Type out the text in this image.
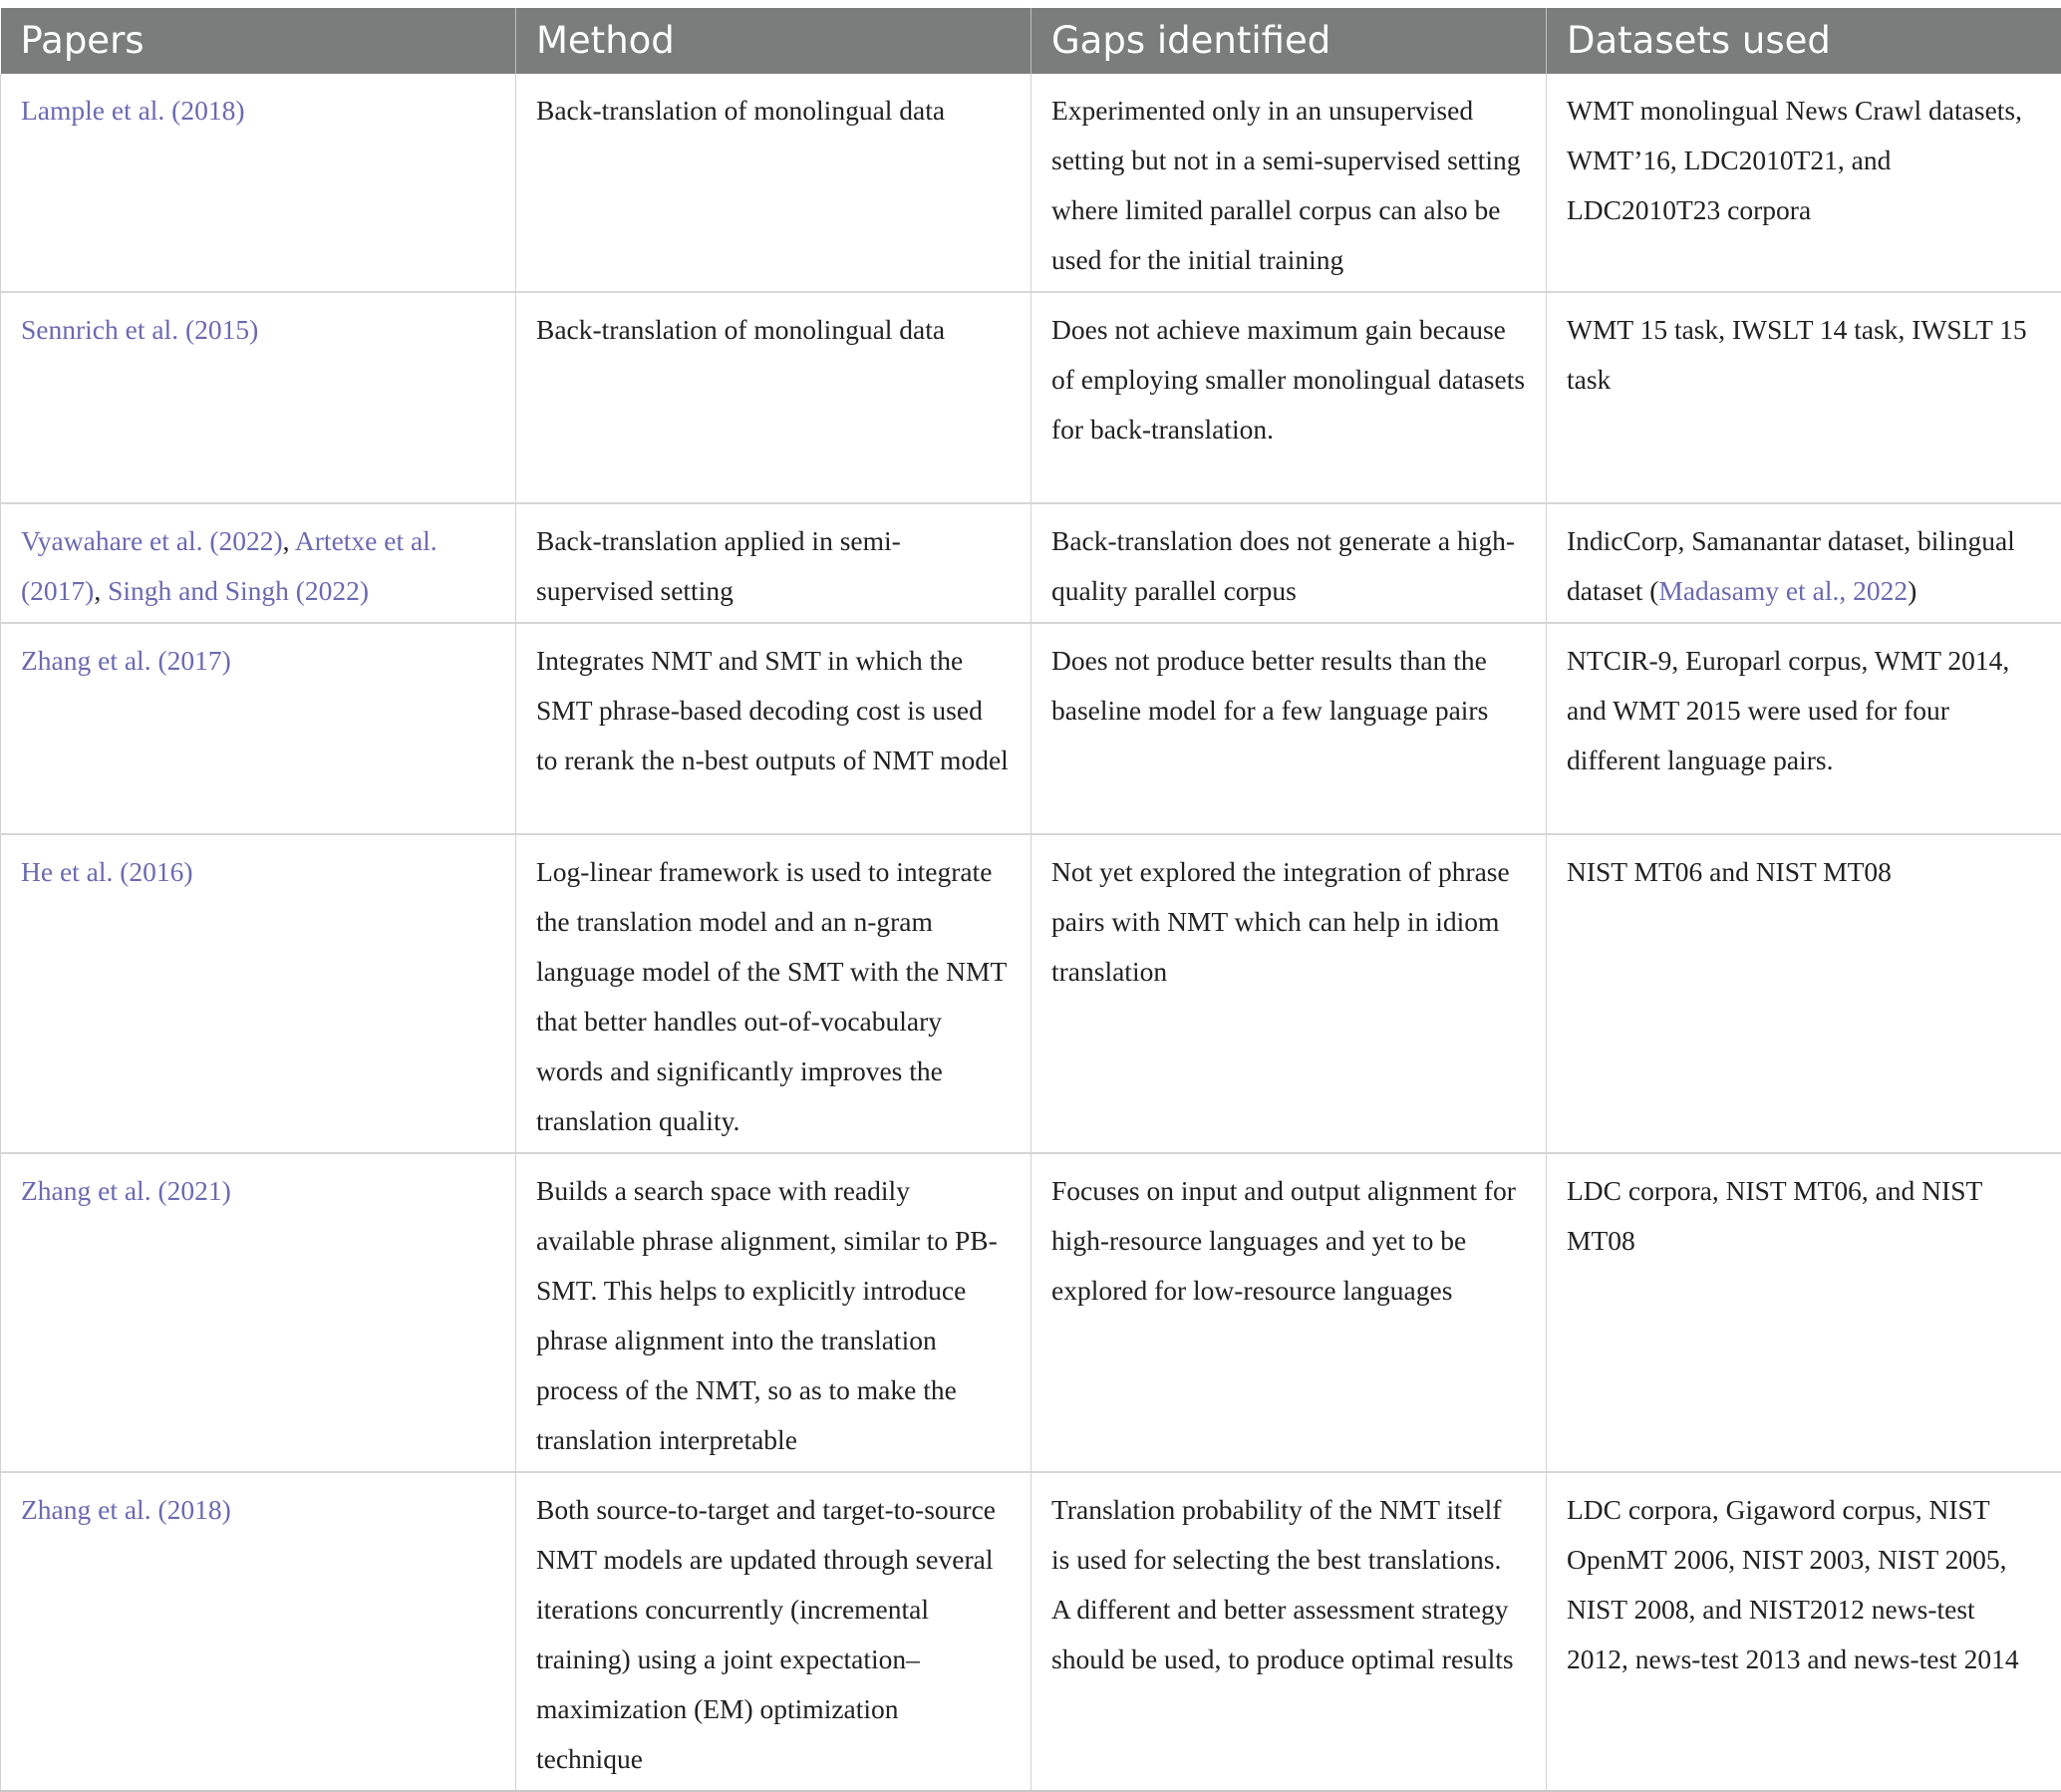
Papers	Method	Gaps identified	Datasets used
Lample et al. (2018)	Back-translation of monolingual data	Experimented only in an unsupervised setting but not in a semi-supervised setting where limited parallel corpus can also be used for the initial training	WMT monolingual News Crawl datasets, WMT’16, LDC2010T21, and LDC2010T23 corpora
Sennrich et al. (2015)	Back-translation of monolingual data	Does not achieve maximum gain because of employing smaller monolingual datasets for back-translation.	WMT 15 task, IWSLT 14 task, IWSLT 15 task
Vyawahare et al. (2022), Artetxe et al. (2017), Singh and Singh (2022)	Back-translation applied in semi-supervised setting	Back-translation does not generate a high-quality parallel corpus	IndicCorp, Samanantar dataset, bilingual dataset (Madasamy et al., 2022)
Zhang et al. (2017)	Integrates NMT and SMT in which the SMT phrase-based decoding cost is used to rerank the n-best outputs of NMT model	Does not produce better results than the baseline model for a few language pairs	NTCIR-9, Europarl corpus, WMT 2014, and WMT 2015 were used for four different language pairs.
He et al. (2016)	Log-linear framework is used to integrate the translation model and an n-gram language model of the SMT with the NMT that better handles out-of-vocabulary words and significantly improves the translation quality.	Not yet explored the integration of phrase pairs with NMT which can help in idiom translation	NIST MT06 and NIST MT08
Zhang et al. (2021)	Builds a search space with readily available phrase alignment, similar to PB-SMT. This helps to explicitly introduce phrase alignment into the translation process of the NMT, so as to make the translation interpretable	Focuses on input and output alignment for high-resource languages and yet to be explored for low-resource languages	LDC corpora, NIST MT06, and NIST MT08
Zhang et al. (2018)	Both source-to-target and target-to-source NMT models are updated through several iterations concurrently (incremental training) using a joint expectation–maximization (EM) optimization technique	Translation probability of the NMT itself is used for selecting the best translations. A different and better assessment strategy should be used, to produce optimal results	LDC corpora, Gigaword corpus, NIST OpenMT 2006, NIST 2003, NIST 2005, NIST 2008, and NIST2012 news-test 2012, news-test 2013 and news-test 2014
